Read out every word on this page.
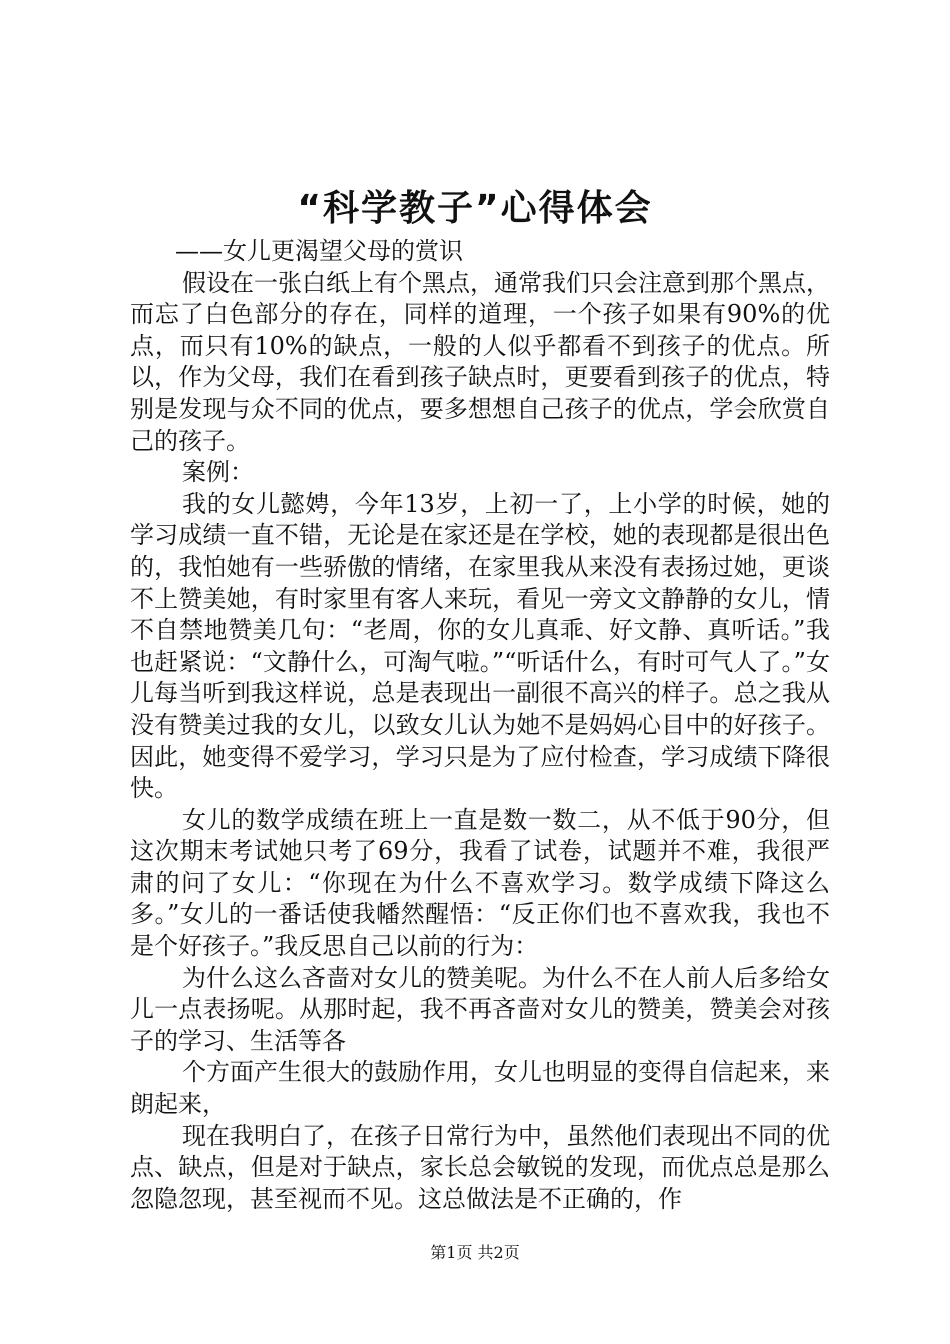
“科学教子”心得体会

——女儿更渴望父母的赏识

假设在一张白纸上有个黑点，通常我们只会注意到那个黑点，而忘了白色部分的存在，同样的道理，一个孩子如果有90%的优点，而只有10%的缺点，一般的人似乎都看不到孩子的优点。所以，作为父母，我们在看到孩子缺点时，更要看到孩子的优点，特别是发现与众不同的优点，要多想想自己孩子的优点，学会欣赏自己的孩子。

案例：

我的女儿懿娉，今年13岁，上初一了，上小学的时候，她的学习成绩一直不错，无论是在家还是在学校，她的表现都是很出色的，我怕她有一些骄傲的情绪，在家里我从来没有表扬过她，更谈不上赞美她，有时家里有客人来玩，看见一旁文文静静的女儿，情不自禁地赞美几句：“老周，你的女儿真乖、好文静、真听话。”我也赶紧说：“文静什么，可淘气啦。”“听话什么，有时可气人了。”女儿每当听到我这样说，总是表现出一副很不高兴的样子。总之我从没有赞美过我的女儿，以致女儿认为她不是妈妈心目中的好孩子。因此，她变得不爱学习，学习只是为了应付检查，学习成绩下降很快。

女儿的数学成绩在班上一直是数一数二，从不低于90分，但这次期末考试她只考了69分，我看了试卷，试题并不难，我很严肃的问了女儿：“你现在为什么不喜欢学习。数学成绩下降这么多。”女儿的一番话使我幡然醒悟：“反正你们也不喜欢我，我也不是个好孩子。”我反思自己以前的行为：

为什么这么吝啬对女儿的赞美呢。为什么不在人前人后多给女儿一点表扬呢。从那时起，我不再吝啬对女儿的赞美，赞美会对孩子的学习、生活等各

个方面产生很大的鼓励作用，女儿也明显的变得自信起来，来朗起来，

现在我明白了，在孩子日常行为中，虽然他们表现出不同的优点、缺点，但是对于缺点，家长总会敏锐的发现，而优点总是那么忽隐忽现，甚至视而不见。这总做法是不正确的，作

第1页 共2页
